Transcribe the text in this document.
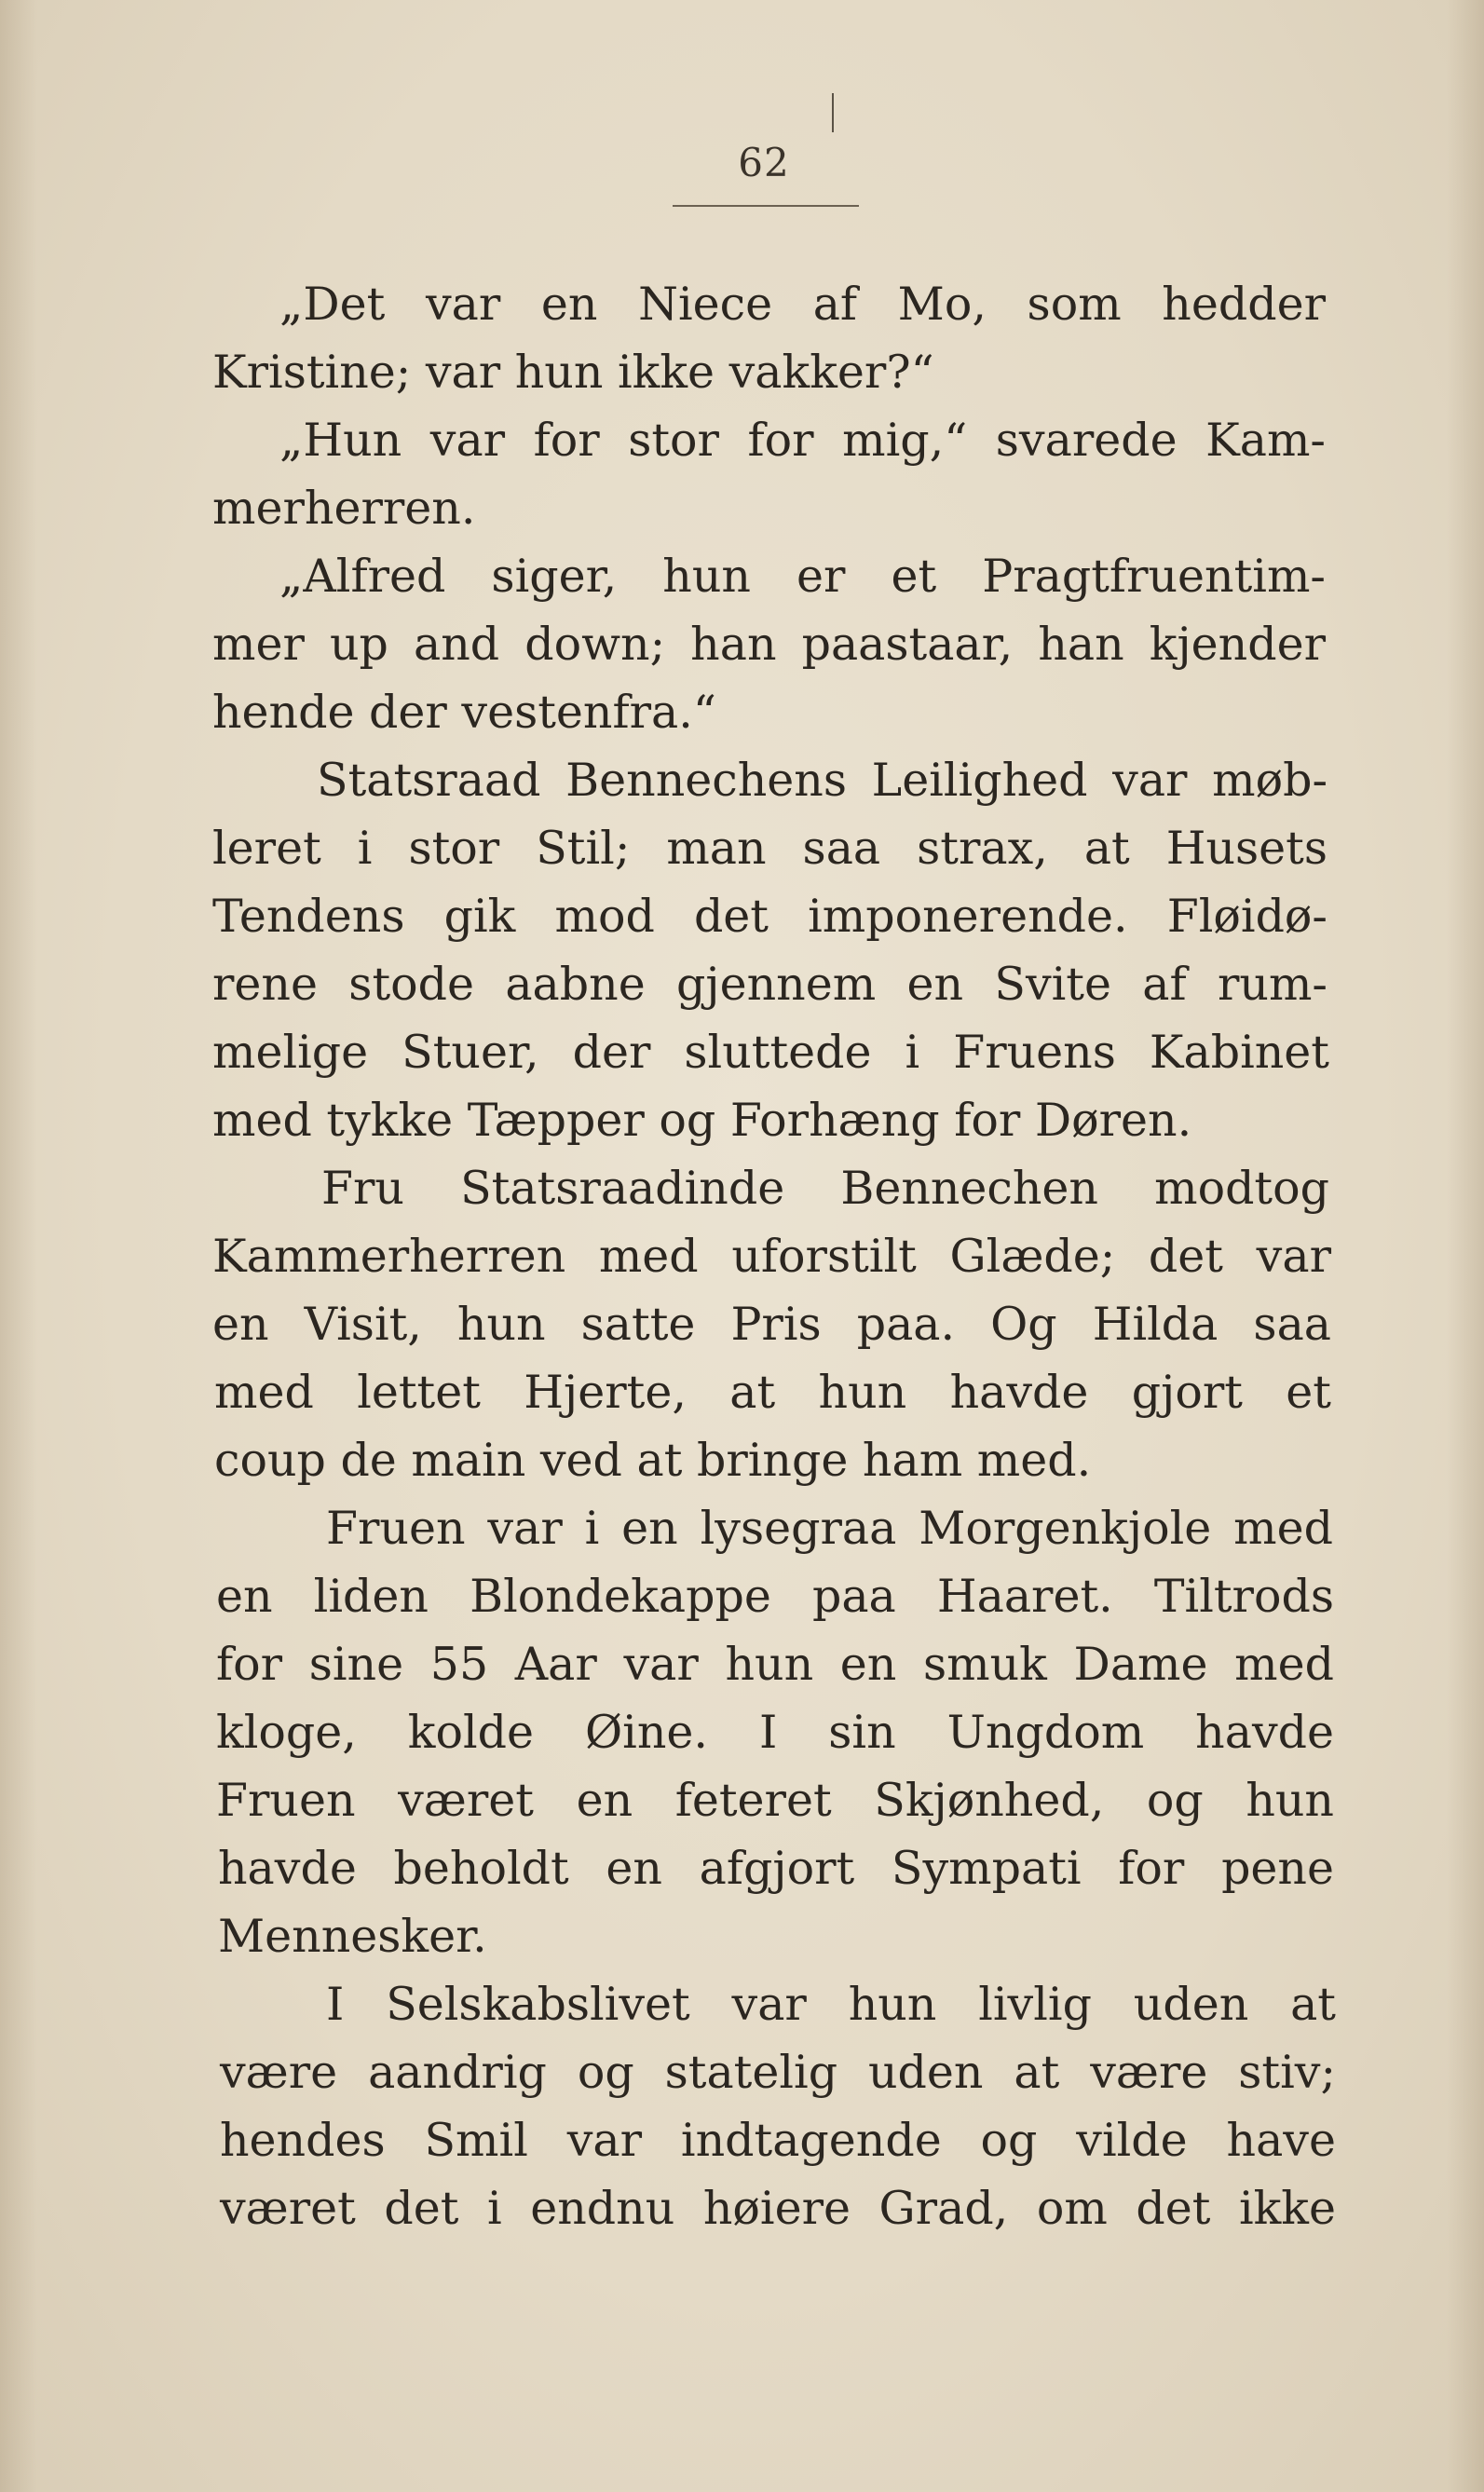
62
„Det var en Niece af Mo, som hedder
Kristine; var hun ikke vakker?“
„Hun var for stor for mig,“ svarede Kam-
merherren.
„Alfred siger, hun er et Pragtfruentim-
mer up and down; han paastaar, han kjender
hende der vestenfra.“
Statsraad Bennechens Leilighed var møb-
leret i stor Stil; man saa strax, at Husets
Tendens gik mod det imponerende. Fløidø-
rene stode aabne gjennem en Svite af rum-
melige Stuer, der sluttede i Fruens Kabinet
med tykke Tæpper og Forhæng for Døren.
Fru Statsraadinde Bennechen modtog
Kammerherren med uforstilt Glæde; det var
en Visit, hun satte Pris paa. Og Hilda saa
med lettet Hjerte, at hun havde gjort et
coup de main ved at bringe ham med.
Fruen var i en lysegraa Morgenkjole med
en liden Blondekappe paa Haaret. Tiltrods
for sine 55 Aar var hun en smuk Dame med
kloge, kolde Øine. I sin Ungdom havde
Fruen været en feteret Skjønhed, og hun
havde beholdt en afgjort Sympati for pene
Mennesker.
I Selskabslivet var hun livlig uden at
være aandrig og statelig uden at være stiv;
hendes Smil var indtagende og vilde have
været det i endnu høiere Grad, om det ikke
